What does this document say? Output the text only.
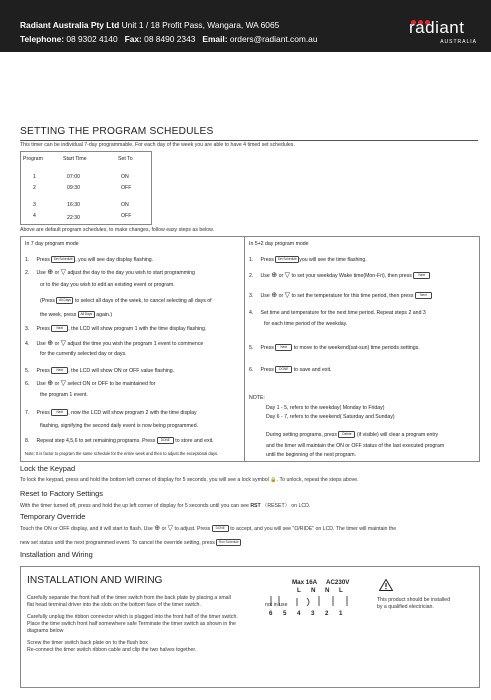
Radiant Australia Pty Ltd Unit 1 / 18 Profit Pass, Wangara, WA 6065
Telephone: 08 9302 4140 Fax: 08 8490 2343 Email: orders@radiant.com.au
radiant
AUSTRALIA
SETTING THE PROGRAM SCHEDULES
This timer can be individual 7-day programmable. For each day of the week you are able to have 4 timed set schedules.
Program	Start Time	Set To
1	07:00	ON
2	09:30	OFF
3	16:30	ON
4	22:30	OFF
Above are default program schedules, to make changes, follow easy steps as below.
In 7 day program mode
1.     Press Set Schedule , you will see day display flashing.
2.     Use ⊕ or ▽ adjust the day to the day you wish to start programming
or to the day you wish to edit an existing event or program.
(Press All Days to select all days of the week, to cancel selecting all days of
the week, press All Days again.)
3.     Press Next , the LCD will show program 1 with the time display flashing.
4.     Use ⊕ or ▽ adjust the time you wish the program 1 event to commence
for the currently selected day or days.
5.     Press Next , the LCD will show ON or OFF value flashing.
6.     Use ⊕ or ▽ select ON or OFF to be maintained for
the program 1 event.
7.     Press Next , now the LCD will show program 2 with the time display
flashing, signifying the second daily event is now being programmed.
8.     Repeat step 4,5,6 to set remaining programs. Press DONE to store and exit.
Note: It is factor to program the same schedule for the entire week and then to adjust the exceptional days.
In 5+2 day program mode
1.     Press Set Schedule you will see the time flashing.
2.     Use ⊕ or ▽ to set your weekday Wake time(Mon-Fri), then press Next
3.     Use ⊕ or ▽ to set the temperature for this time period, then press Next
4.     Set time and temperature for the next time period. Repeat steps 2 and 3
for each time period of the weekday.
5.     Press Next to move to the weekend(sat-sun) time periods settings.
6.     Press DONE to save and exit.
NOTE:
Day 1 - 5, refers to the weekday( Monday to Friday)
Day 6 - 7, refers to the weekend( Saturday and Sunday)
During setting programs, press Delete (if visible) will clear a program entry
and the timer will maintain the ON or OFF status of the last executed program
until the beginning of the next program.
Lock the Keypad
To lock the keypad, press and hold the bottom left corner of display for 5 seconds, you will see a lock symbol 🔒. To unlock, repeat the steps above.
Reset to Factory Settings
With the timer turned off, press and hold the up left corner of display for 5 seconds until you can see RST （RESET） on LCD.
Temporary Override
Touch the ON or OFF display, and it will start to flash. Use ⊕ or ▽ to adjust. Press DONE to accept, and you will see "O/RIDE" on LCD. The timer will maintain the
new set status until the next programmed event. To cancel the override setting, press Run Schedule
Installation and Wiring
INSTALLATION AND WIRING
Carefully separate the front half of the timer switch from the back plate by placing a small
flat head terminal driver into the slots on the bottom face of the timer switch.
Carefully unplug the ribbon connector which is plugged into the front half of the timer switch.
Place the time switch front half somewhere safe Terminate the timer switch as shown in the
diagrams below
Screw the timer switch back plate on to the flush box
Re-connect the timer switch ribbon cable and clip the two halves together.
Max 16A AC230V
L N N L
not in use
6 5 4 3 2 1
This product should be installed
by a qualified electrician.
